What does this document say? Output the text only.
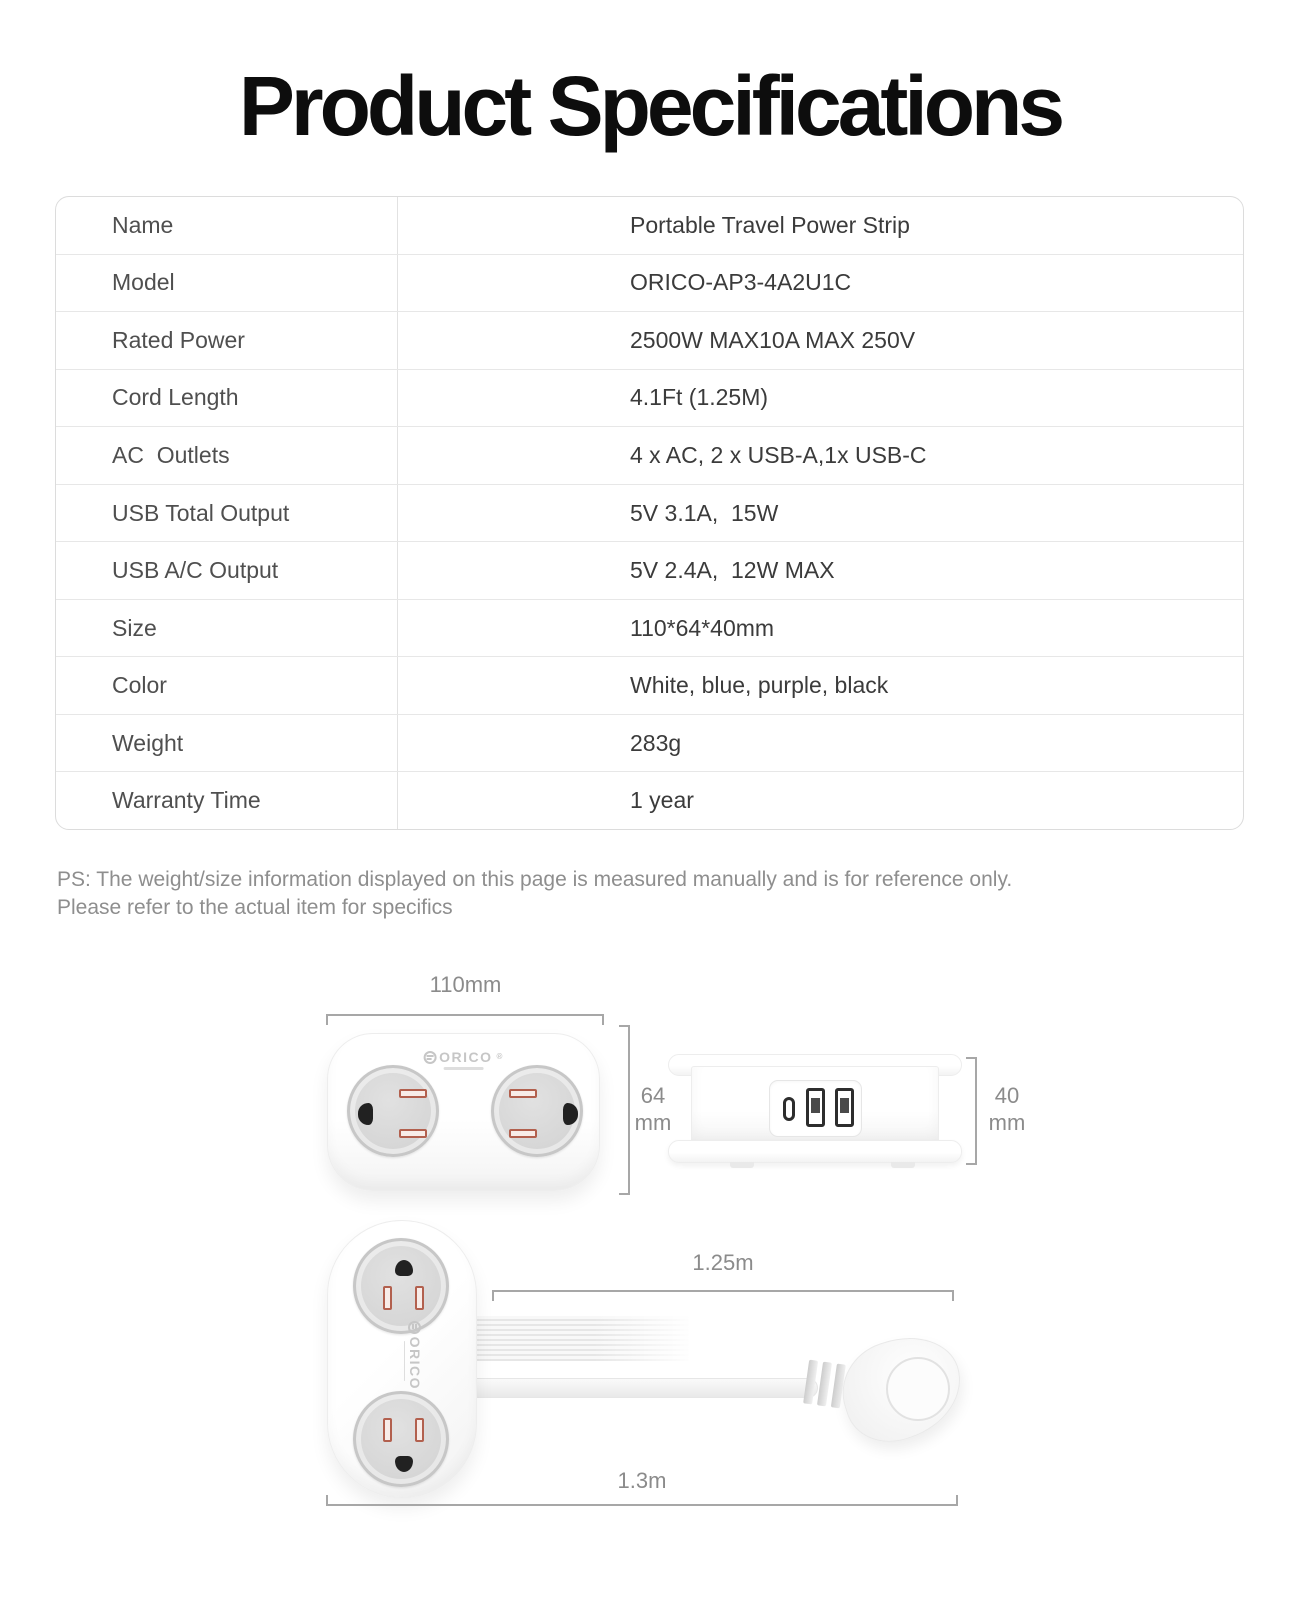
Product Specifications
Name	Portable Travel Power Strip
Model	ORICO-AP3-4A2U1C
Rated Power	2500W MAX10A MAX 250V
Cord Length	4.1Ft (1.25M)
AC  Outlets	4 x AC, 2 x USB-A,1x USB-C
USB Total Output	5V 3.1A,  15W
USB A/C Output	5V 2.4A,  12W MAX
Size	110*64*40mm
Color	White, blue, purple, black
Weight	283g
Warranty Time	1 year
PS: The weight/size information displayed on this page is measured manually and is for reference only.
Please refer to the actual item for specifics
110mm
ORICO ®
64
mm
40
mm
1.25m
ORICO
1.3m
